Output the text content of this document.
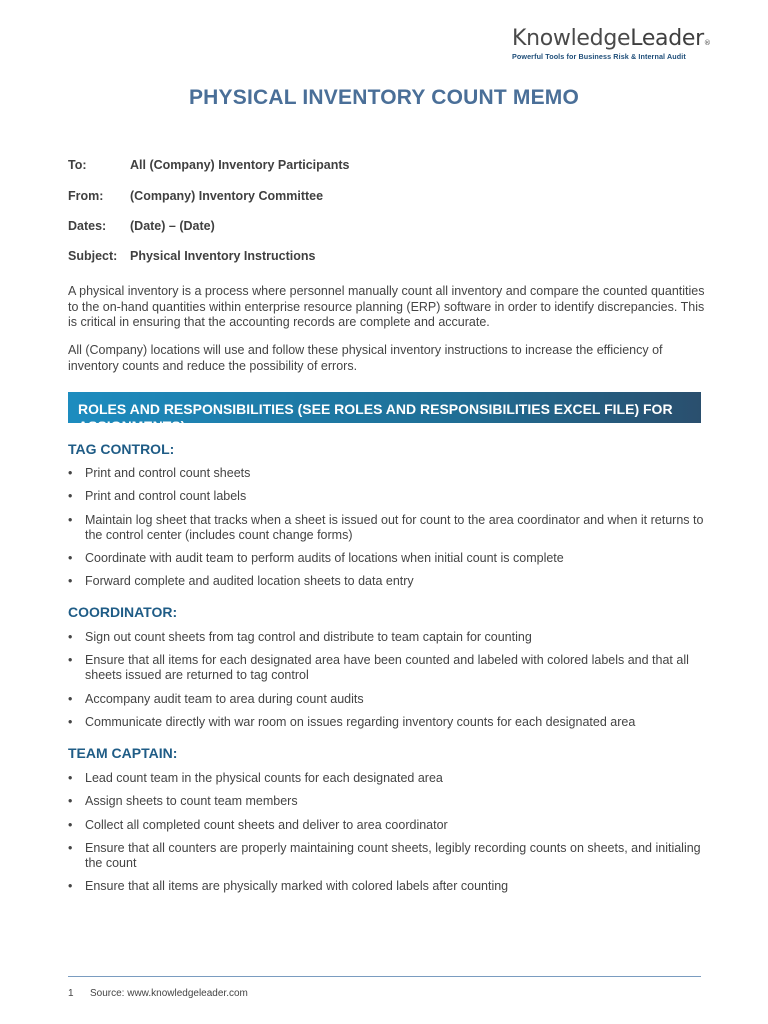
KnowledgeLeader®
Powerful Tools for Business Risk & Internal Audit
PHYSICAL INVENTORY COUNT MEMO
To:	All (Company) Inventory Participants
From: (Company) Inventory Committee
Dates: (Date) – (Date)
Subject: Physical Inventory Instructions
A physical inventory is a process where personnel manually count all inventory and compare the counted quantities to the on-hand quantities within enterprise resource planning (ERP) software in order to identify discrepancies. This is critical in ensuring that the accounting records are complete and accurate.
All (Company) locations will use and follow these physical inventory instructions to increase the efficiency of inventory counts and reduce the possibility of errors.
ROLES AND RESPONSIBILITIES (SEE ROLES AND RESPONSIBILITIES EXCEL FILE) FOR ASSIGNMENTS):
TAG CONTROL:
• Print and control count sheets
• Print and control count labels
• Maintain log sheet that tracks when a sheet is issued out for count to the area coordinator and when it returns to the control center (includes count change forms)
• Coordinate with audit team to perform audits of locations when initial count is complete
• Forward complete and audited location sheets to data entry
COORDINATOR:
• Sign out count sheets from tag control and distribute to team captain for counting
• Ensure that all items for each designated area have been counted and labeled with colored labels and that all sheets issued are returned to tag control
• Accompany audit team to area during count audits
• Communicate directly with war room on issues regarding inventory counts for each designated area
TEAM CAPTAIN:
• Lead count team in the physical counts for each designated area
• Assign sheets to count team members
• Collect all completed count sheets and deliver to area coordinator
• Ensure that all counters are properly maintaining count sheets, legibly recording counts on sheets, and initialing the count
• Ensure that all items are physically marked with colored labels after counting
1 Source: www.knowledgeleader.com
